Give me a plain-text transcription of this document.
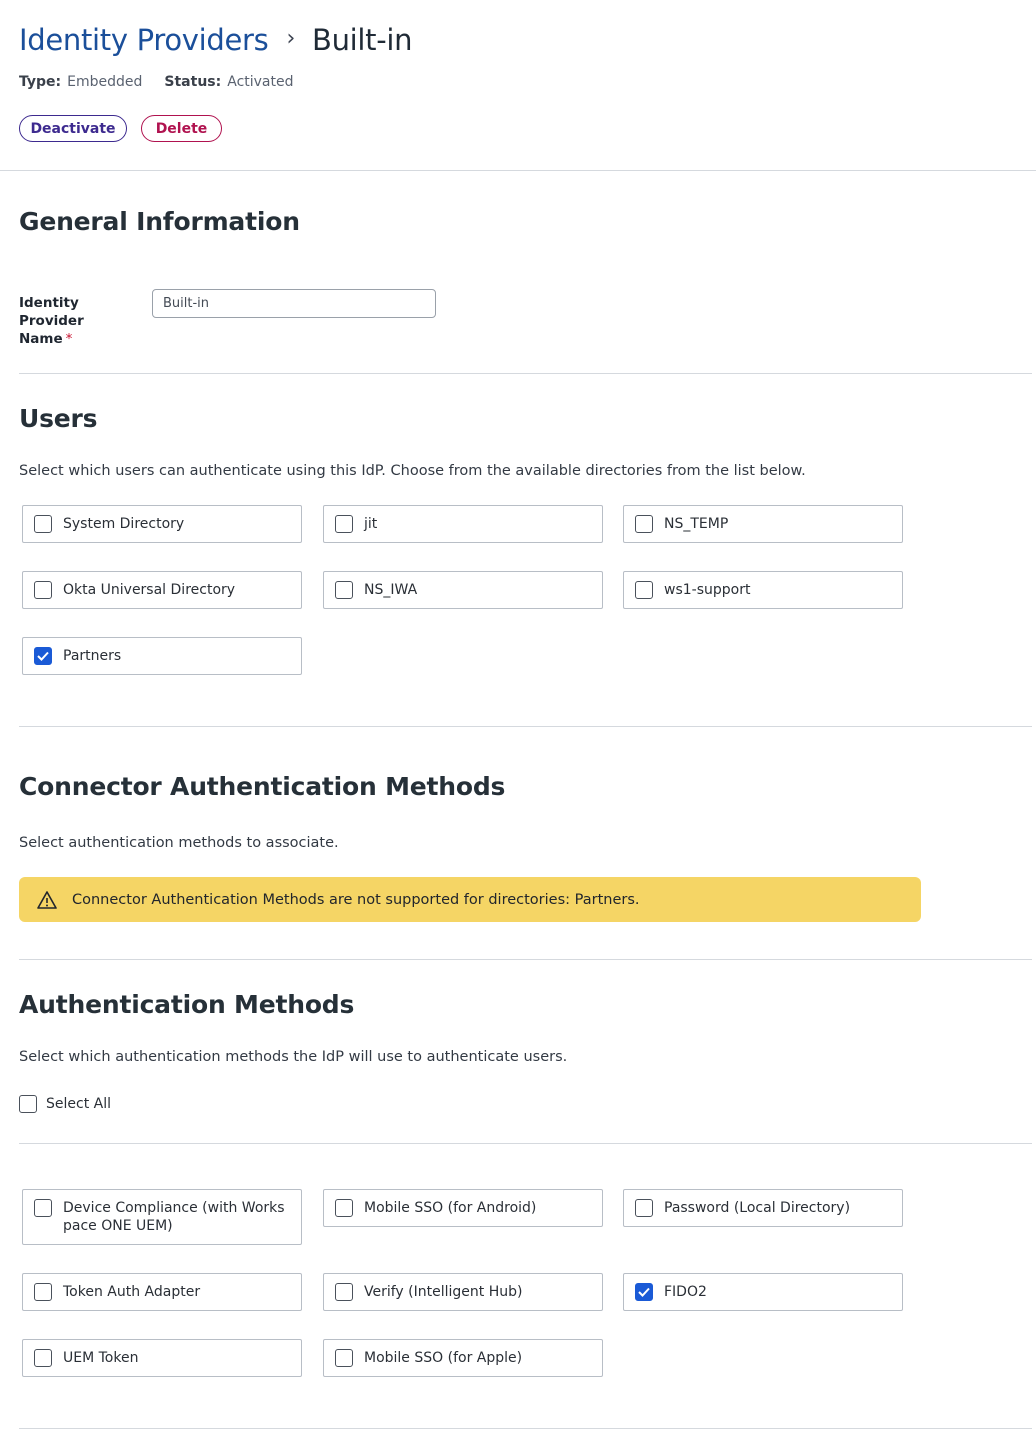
Identity Providers › Built-in
Type: Embedded Status: Activated
Deactivate	Delete
General Information
Identity Provider Name *
Built-in
Users
Select which users can authenticate using this IdP. Choose from the available directories from the list below.
System Directory	jit	NS_TEMP
Okta Universal Directory	NS_IWA	ws1-support
Partners
Connector Authentication Methods
Select authentication methods to associate.
Connector Authentication Methods are not supported for directories: Partners.
Authentication Methods
Select which authentication methods the IdP will use to authenticate users.
Select All
Device Compliance (with Workspace ONE UEM)
Mobile SSO (for Android)	Password (Local Directory)
Token Auth Adapter	Verify (Intelligent Hub)	FIDO2
UEM Token	Mobile SSO (for Apple)
